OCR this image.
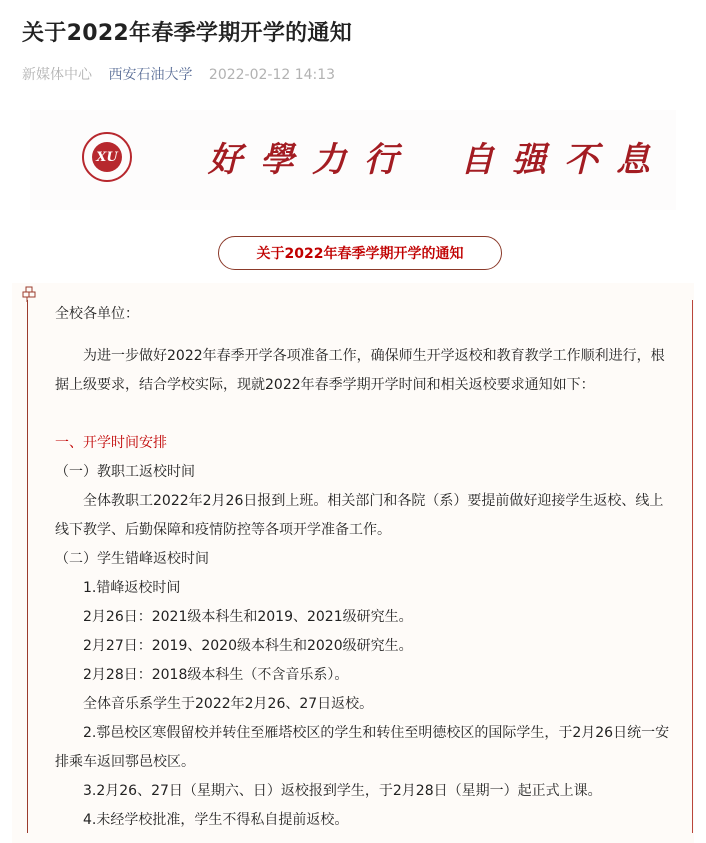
关于2022年春季学期开学的通知
新媒体中心 西安石油大学 2022-02-12 14:13
XU	好學力行 自强不息
关于2022年春季学期开学的通知

全校各单位：

为进一步做好2022年春季开学各项准备工作，确保师生开学返校和教育教学工作顺利进行，根据上级要求，结合学校实际，现就2022年春季学期开学时间和相关返校要求通知如下：

一、开学时间安排

（一）教职工返校时间

全体教职工2022年2月26日报到上班。相关部门和各院（系）要提前做好迎接学生返校、线上线下教学、后勤保障和疫情防控等各项开学准备工作。

（二）学生错峰返校时间

1.错峰返校时间

2月26日：2021级本科生和2019、2021级研究生。

2月27日：2019、2020级本科生和2020级研究生。

2月28日：2018级本科生（不含音乐系）。

全体音乐系学生于2022年2月26、27日返校。

2.鄠邑校区寒假留校并转住至雁塔校区的学生和转住至明德校区的国际学生，于2月26日统一安排乘车返回鄠邑校区。

3.2月26、27日（星期六、日）返校报到学生，于2月28日（星期一）起正式上课。

4.未经学校批准，学生不得私自提前返校。
